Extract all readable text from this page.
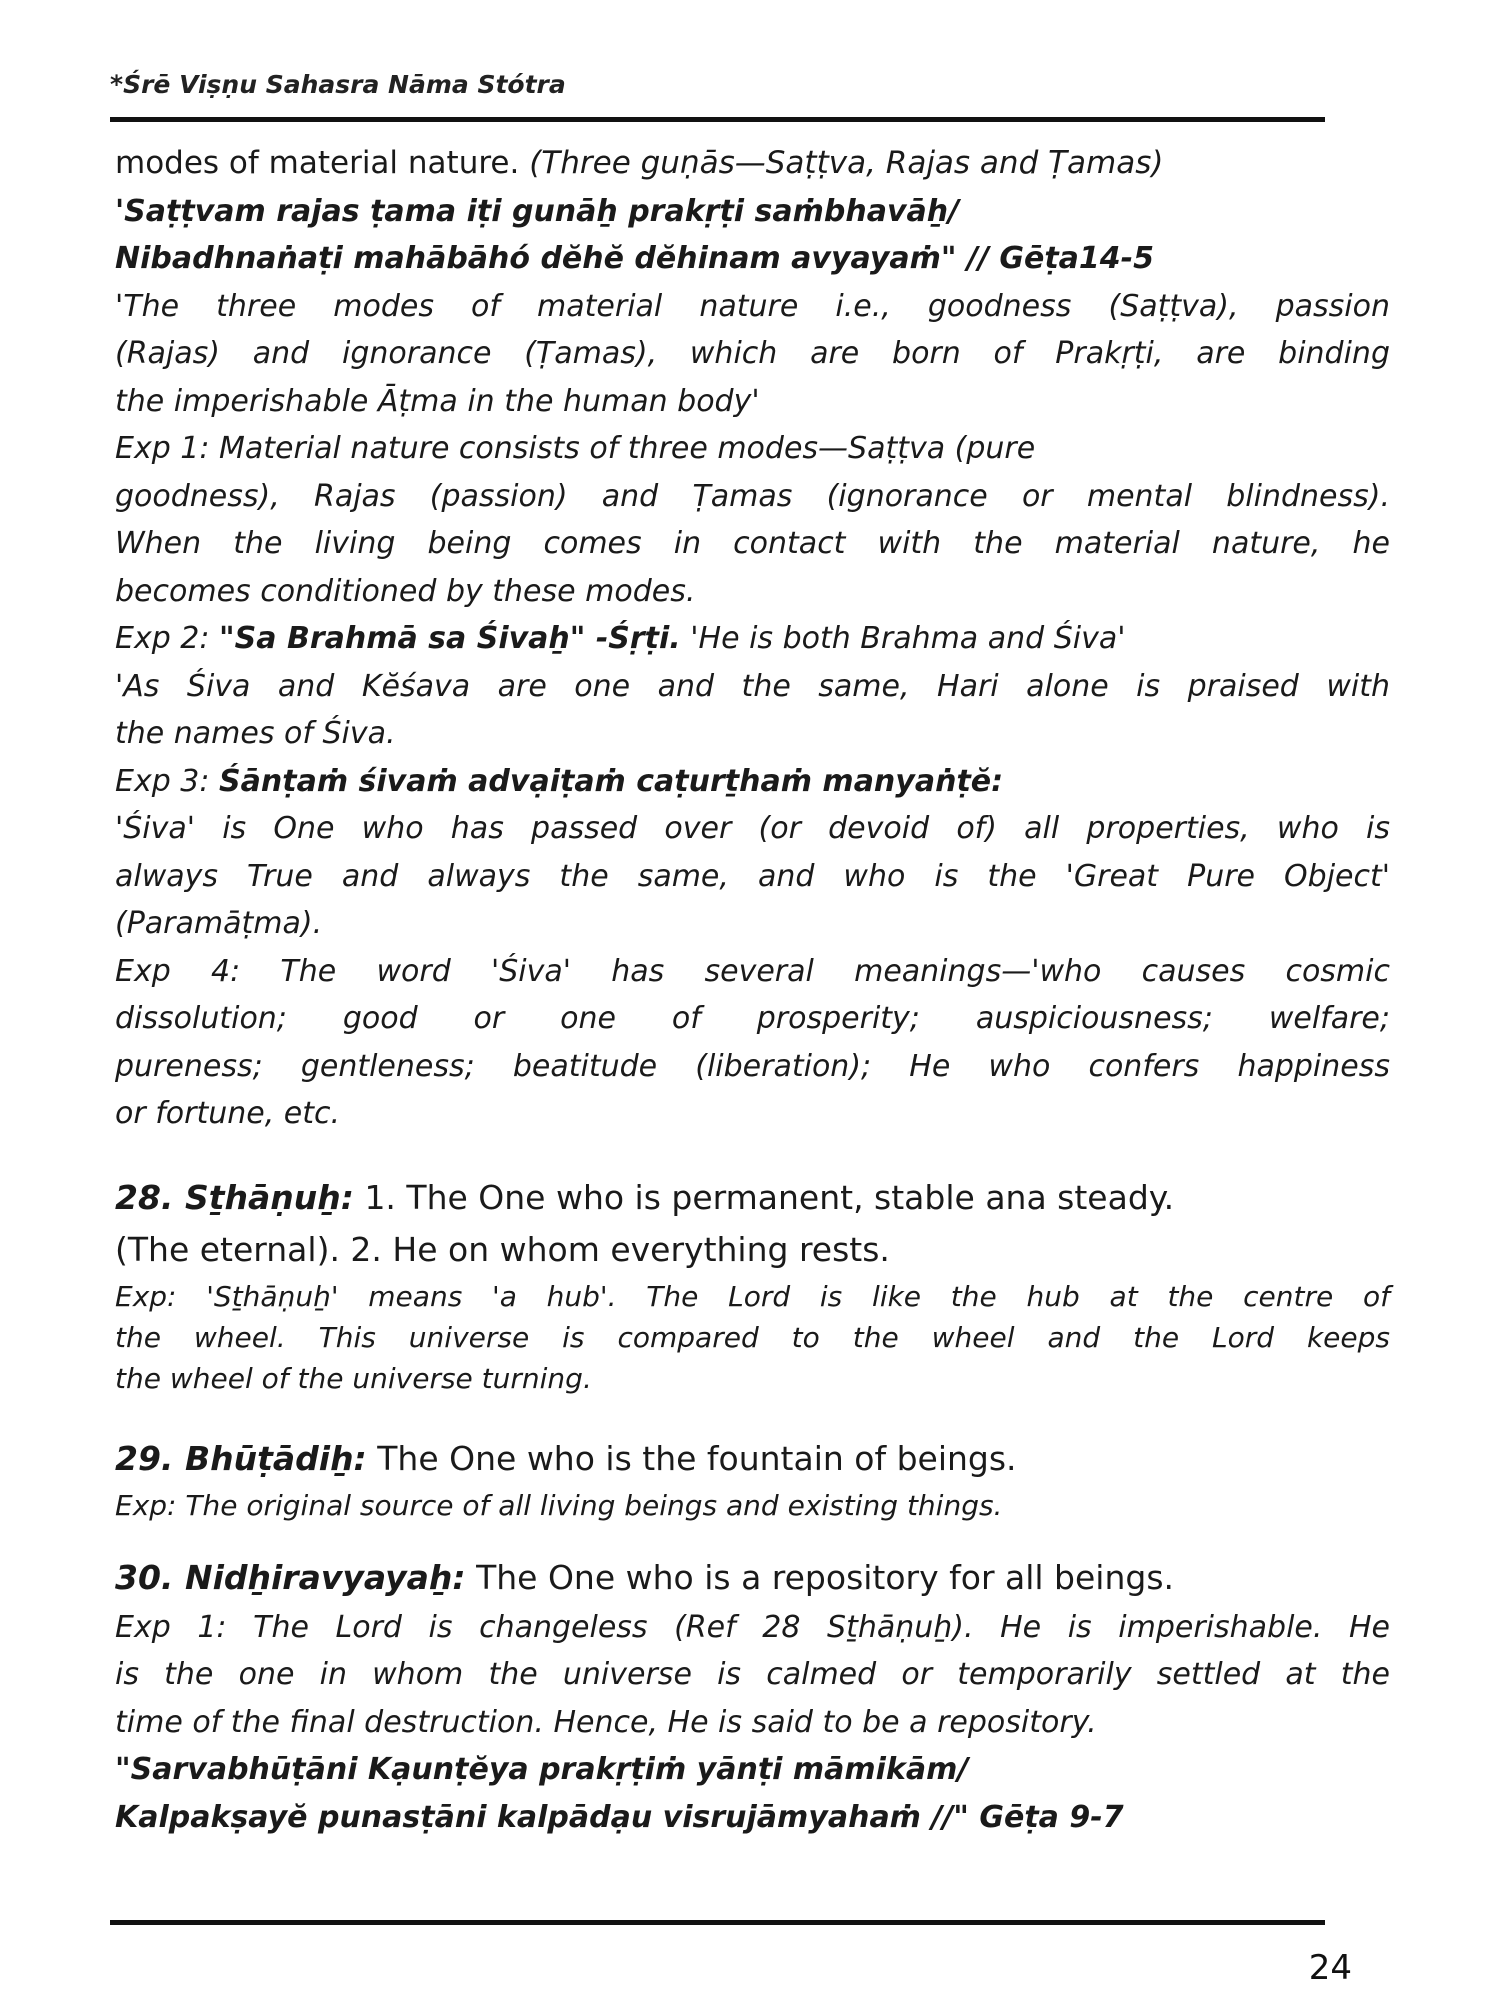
*Śrē Viṣṇu Sahasra Nāma Stótra
modes of material nature. (Three guṇās—Saṭṭva, Rajas and Ṭamas)
'Saṭṭvam rajas ṭama iṭi gunāẖ prakṛṭi saṁbhavāẖ/
Nibadhnaṅaṭi mahābāhó dĕhĕ dĕhinam avyayaṁ" // Gēṭa14-5
'The three modes of material nature i.e., goodness (Saṭṭva), passion
(Rajas) and ignorance (Ṭamas), which are born of Prakṛṭi, are binding
the imperishable Āṭma in the human body'
Exp 1: Material nature consists of three modes—Saṭṭva (pure
goodness), Rajas (passion) and Ṭamas (ignorance or mental blindness).
When the living being comes in contact with the material nature, he
becomes conditioned by these modes.
Exp 2: "Sa Brahmā sa Śivaẖ" -Śṛṭi. 'He is both Brahma and Śiva'
'As Śiva and Kĕśava are one and the same, Hari alone is praised with
the names of Śiva.
Exp 3: Śānṭaṁ śivaṁ advạiṭaṁ caṭurṯhaṁ manyaṅṭĕ:
'Śiva' is One who has passed over (or devoid of) all properties, who is
always True and always the same, and who is the 'Great Pure Object'
(Paramāṭma).
Exp 4: The word 'Śiva' has several meanings—'who causes cosmic
dissolution; good or one of prosperity; auspiciousness; welfare;
pureness; gentleness; beatitude (liberation); He who confers happiness
or fortune, etc.
28. Sṯhāṇuẖ: 1. The One who is permanent, stable ana steady.
(The eternal). 2. He on whom everything rests.
Exp: 'Sṯhāṇuẖ' means 'a hub'. The Lord is like the hub at the centre of
the wheel. This universe is compared to the wheel and the Lord keeps
the wheel of the universe turning.
29. Bhūṭādiẖ: The One who is the fountain of beings.
Exp: The original source of all living beings and existing things.
30. Nidẖiravyayaẖ: The One who is a repository for all beings.
Exp 1: The Lord is changeless (Ref 28 Sṯhāṇuẖ). He is imperishable. He
is the one in whom the universe is calmed or temporarily settled at the
time of the final destruction. Hence, He is said to be a repository.
"Sarvabhūṭāni Kạunṭĕya prakṛṭiṁ yānṭi māmikām/
Kalpakṣayĕ punasṭāni kalpādạu visrujāmyahaṁ //" Gēṭa 9-7
24
